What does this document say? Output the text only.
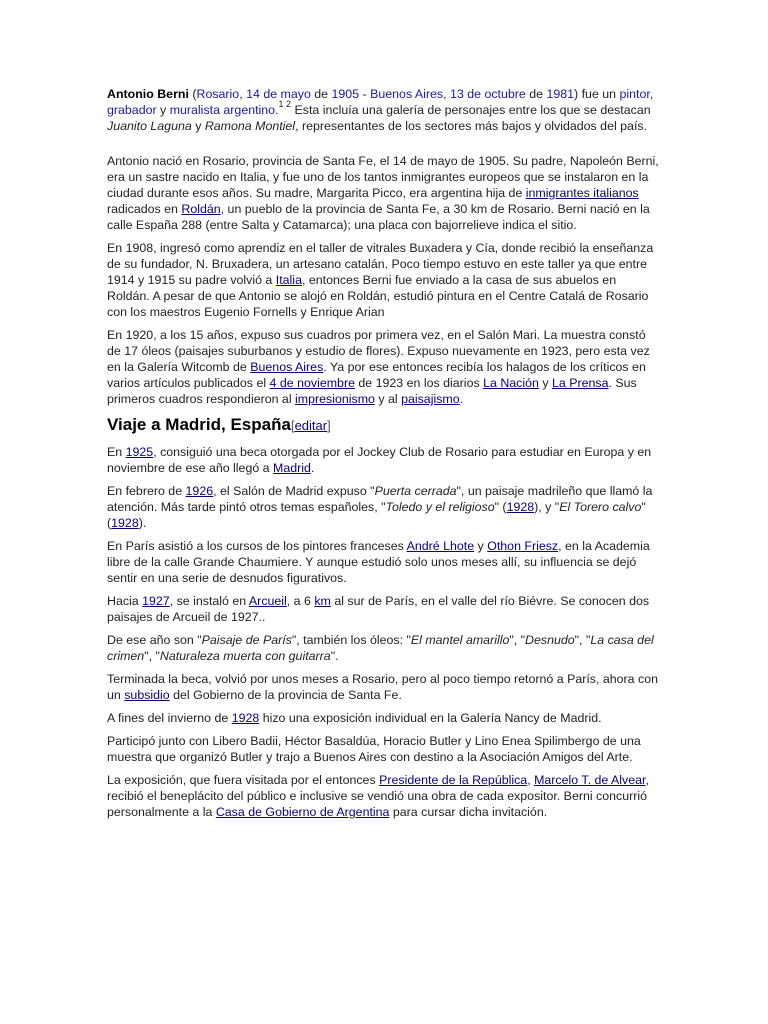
Antonio Berni (Rosario, 14 de mayo de 1905 - Buenos Aires, 13 de octubre de 1981) fue un pintor, grabador y muralista argentino.$^{1 2}$ Esta incluía una galería de personajes entre los que se destacan Juanito Laguna y Ramona Montiel, representantes de los sectores más bajos y olvidados del país.

Antonio nació en Rosario, provincia de Santa Fe, el 14 de mayo de 1905. Su padre, Napoleón Berni, era un sastre nacido en Italia, y fue uno de los tantos inmigrantes europeos que se instalaron en la ciudad durante esos años. Su madre, Margarita Picco, era argentina hija de inmigrantes italianos radicados en Roldán, un pueblo de la provincia de Santa Fe, a 30 km de Rosario. Berni nació en la calle España 288 (entre Salta y Catamarca); una placa con bajorrelieve indica el sitio.

En 1908, ingresó como aprendiz en el taller de vitrales Buxadera y Cía, donde recibió la enseñanza de su fundador, N. Bruxadera, un artesano catalán. Poco tiempo estuvo en este taller ya que entre 1914 y 1915 su padre volvió a Italia, entonces Berni fue enviado a la casa de sus abuelos en Roldán. A pesar de que Antonio se alojó en Roldán, estudió pintura en el Centre Catalá de Rosario con los maestros Eugenio Fornells y Enrique Arian

En 1920, a los 15 años, expuso sus cuadros por primera vez, en el Salón Mari. La muestra constó de 17 óleos (paisajes suburbanos y estudio de flores). Expuso nuevamente en 1923, pero esta vez en la Galería Witcomb de Buenos Aires. Ya por ese entonces recibía los halagos de los críticos en varios artículos publicados el 4 de noviembre de 1923 en los diarios La Nación y La Prensa. Sus primeros cuadros respondieron al impresionismo y al paisajismo.

Viaje a Madrid, España[editar]

En 1925, consiguió una beca otorgada por el Jockey Club de Rosario para estudiar en Europa y en noviembre de ese año llegó a Madrid.

En febrero de 1926, el Salón de Madrid expuso "Puerta cerrada", un paisaje madrileño que llamó la atención. Más tarde pintó otros temas españoles, "Toledo y el religioso" (1928), y "El Torero calvo" (1928).

En París asistió a los cursos de los pintores franceses André Lhote y Othon Friesz, en la Academia libre de la calle Grande Chaumiere. Y aunque estudió solo unos meses allí, su influencia se dejó sentir en una serie de desnudos figurativos.

Hacia 1927, se instaló en Arcueil, a 6 km al sur de París, en el valle del río Biévre. Se conocen dos paisajes de Arcueil de 1927..

De ese año son "Paisaje de París", también los óleos: "El mantel amarillo", "Desnudo", "La casa del crimen", "Naturaleza muerta con guitarra".

Terminada la beca, volvió por unos meses a Rosario, pero al poco tiempo retornó a París, ahora con un subsidio del Gobierno de la provincia de Santa Fe.

A fines del invierno de 1928 hizo una exposición individual en la Galería Nancy de Madrid.

Participó junto con Libero Badii, Héctor Basaldúa, Horacio Butler y Lino Enea Spilimbergo de una muestra que organizó Butler y trajo a Buenos Aires con destino a la Asociación Amigos del Arte.

La exposición, que fuera visitada por el entonces Presidente de la República, Marcelo T. de Alvear, recibió el beneplácito del público e inclusive se vendió una obra de cada expositor. Berni concurrió personalmente a la Casa de Gobierno de Argentina para cursar dicha invitación.
